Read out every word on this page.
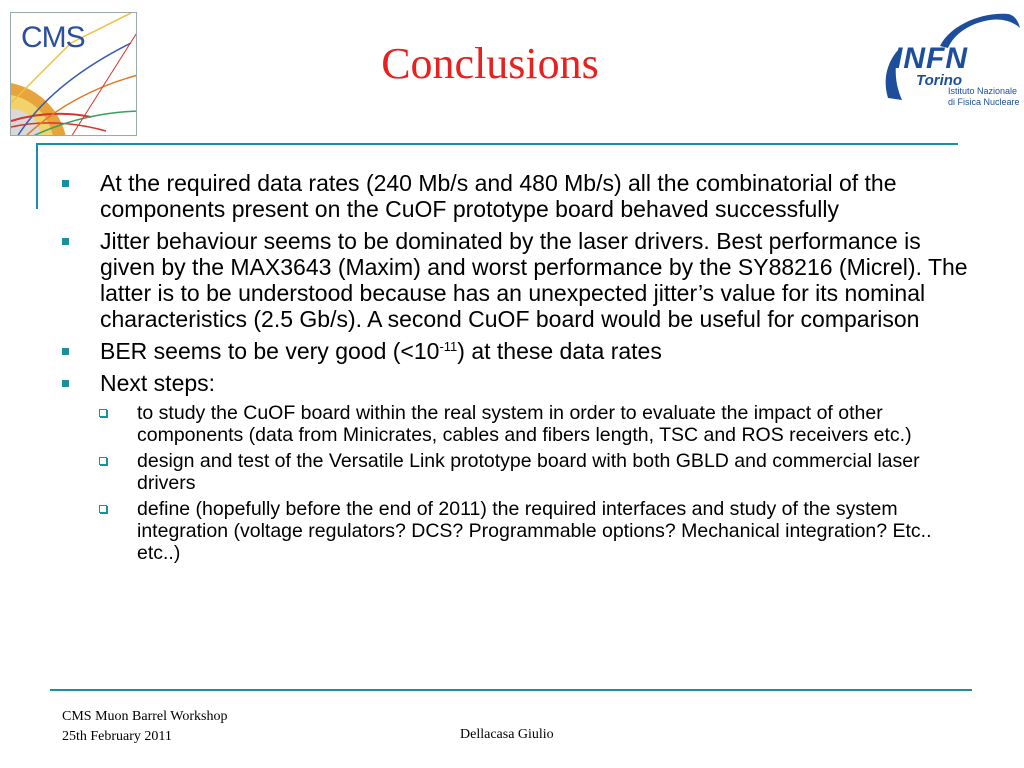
CMS
Conclusions	INFN
Torino
Istituto Nazionale
di Fisica Nucleare
At the required data rates (240 Mb/s and 480 Mb/s) all the combinatorial of the components present on the CuOF prototype board behaved successfully
Jitter behaviour seems to be dominated by the laser drivers. Best performance is given by the MAX3643 (Maxim) and worst performance by the SY88216 (Micrel). The latter is to be understood because has an unexpected jitter’s value for its nominal characteristics (2.5 Gb/s). A second CuOF board would be useful for comparison
BER seems to be very good $(<10^{-11})$ at these data rates
Next steps:
to study the CuOF board within the real system in order to evaluate the impact of other components (data from Minicrates, cables and fibers length, TSC and ROS receivers etc.)
design and test of the Versatile Link prototype board with both GBLD and commercial laser drivers
define (hopefully before the end of 2011) the required interfaces and study of the system integration (voltage regulators? DCS? Programmable options? Mechanical integration? Etc.. etc..)
CMS Muon Barrel Workshop
25th February 2011	Dellacasa Giulio
